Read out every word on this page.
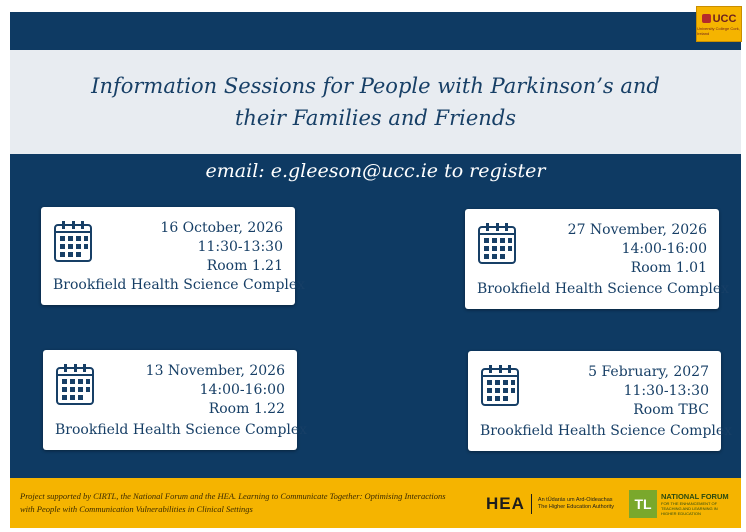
UCC
University College Cork, Ireland
Information Sessions for People with Parkinson’s and their Families and Friends
email: e.gleeson@ucc.ie to register
16 October, 2026
11:30-13:30
Room 1.21
Brookfield Health Science Complex
27 November, 2026
14:00-16:00
Room 1.01
Brookfield Health Science Complex
13 November, 2026
14:00-16:00
Room 1.22
Brookfield Health Science Complex
5 February, 2027
11:30-13:30
Room TBC
Brookfield Health Science Complex
Project supported by CIRTL, the National Forum and the HEA. Learning to Communicate Together: Optimising Interactions with People with Communication Vulnerabilities in Clinical Settings	HEA An tÚdarás um Ard-Oideachas
The Higher Education Authority	TL	NATIONAL FORUM
FOR THE ENHANCEMENT OF TEACHING AND LEARNING IN HIGHER EDUCATION
